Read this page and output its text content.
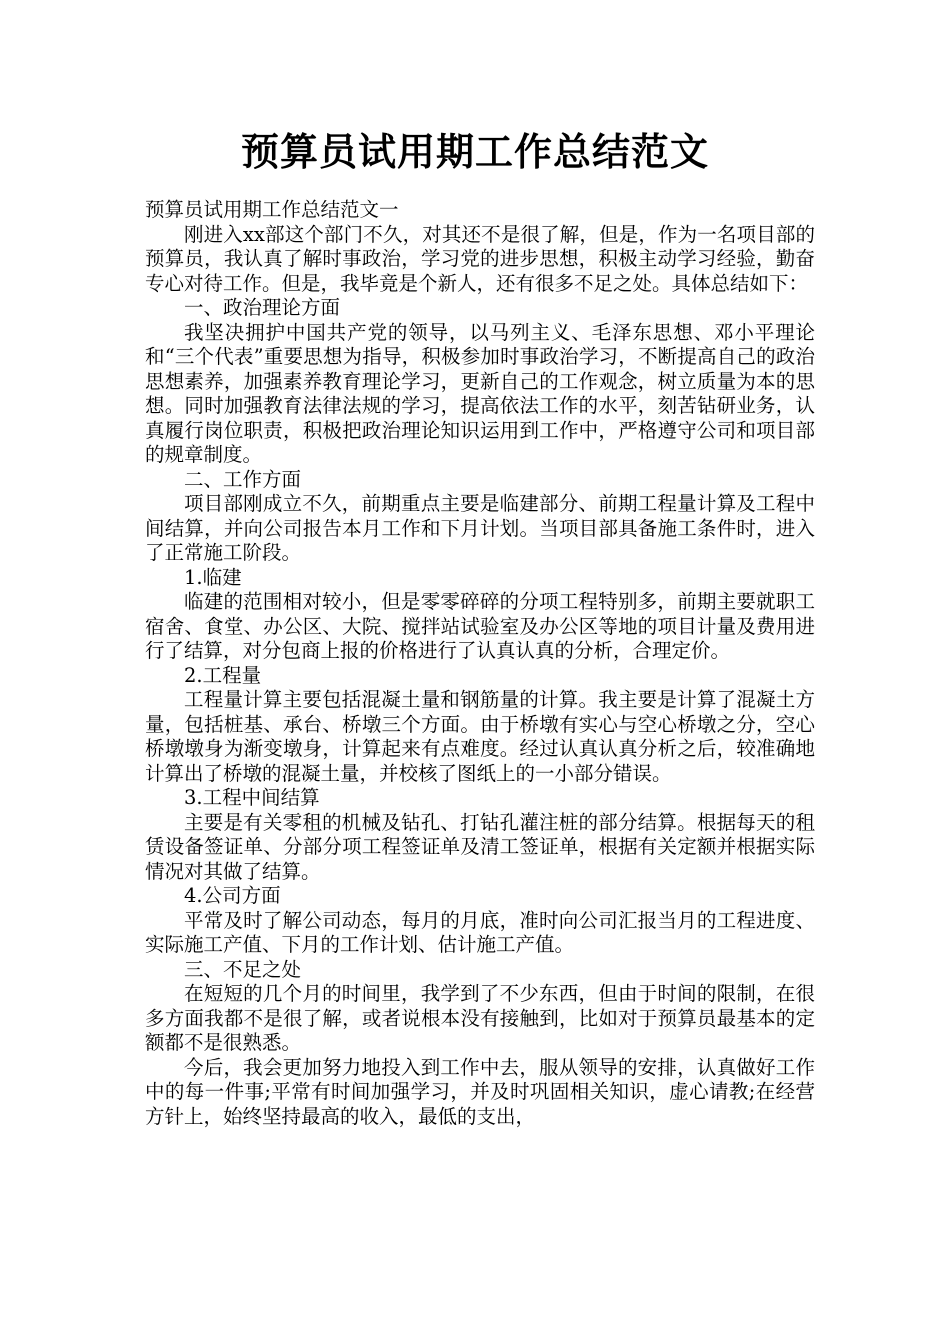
预算员试用期工作总结范文

预算员试用期工作总结范文一

刚进入xx部这个部门不久，对其还不是很了解，但是，作为一名项目部的预算员，我认真了解时事政治，学习党的进步思想，积极主动学习经验，勤奋专心对待工作。但是，我毕竟是个新人，还有很多不足之处。具体总结如下：

一、政治理论方面

我坚决拥护中国共产党的领导，以马列主义、毛泽东思想、邓小平理论和“三个代表”重要思想为指导，积极参加时事政治学习，不断提高自己的政治思想素养，加强素养教育理论学习，更新自己的工作观念，树立质量为本的思想。同时加强教育法律法规的学习，提高依法工作的水平，刻苦钻研业务，认真履行岗位职责，积极把政治理论知识运用到工作中，严格遵守公司和项目部的规章制度。

二、工作方面

项目部刚成立不久，前期重点主要是临建部分、前期工程量计算及工程中间结算，并向公司报告本月工作和下月计划。当项目部具备施工条件时，进入了正常施工阶段。

1.临建

临建的范围相对较小，但是零零碎碎的分项工程特别多，前期主要就职工宿舍、食堂、办公区、大院、搅拌站试验室及办公区等地的项目计量及费用进行了结算，对分包商上报的价格进行了认真认真的分析，合理定价。

2.工程量

工程量计算主要包括混凝土量和钢筋量的计算。我主要是计算了混凝土方量，包括桩基、承台、桥墩三个方面。由于桥墩有实心与空心桥墩之分，空心桥墩墩身为渐变墩身，计算起来有点难度。经过认真认真分析之后，较准确地计算出了桥墩的混凝土量，并校核了图纸上的一小部分错误。

3.工程中间结算

主要是有关零租的机械及钻孔、打钻孔灌注桩的部分结算。根据每天的租赁设备签证单、分部分项工程签证单及清工签证单，根据有关定额并根据实际情况对其做了结算。

4.公司方面

平常及时了解公司动态，每月的月底，准时向公司汇报当月的工程进度、实际施工产值、下月的工作计划、估计施工产值。

三、不足之处

在短短的几个月的时间里，我学到了不少东西，但由于时间的限制，在很多方面我都不是很了解，或者说根本没有接触到，比如对于预算员最基本的定额都不是很熟悉。

今后，我会更加努力地投入到工作中去，服从领导的安排，认真做好工作中的每一件事;平常有时间加强学习，并及时巩固相关知识，虚心请教;在经营方针上，始终坚持最高的收入，最低的支出，
